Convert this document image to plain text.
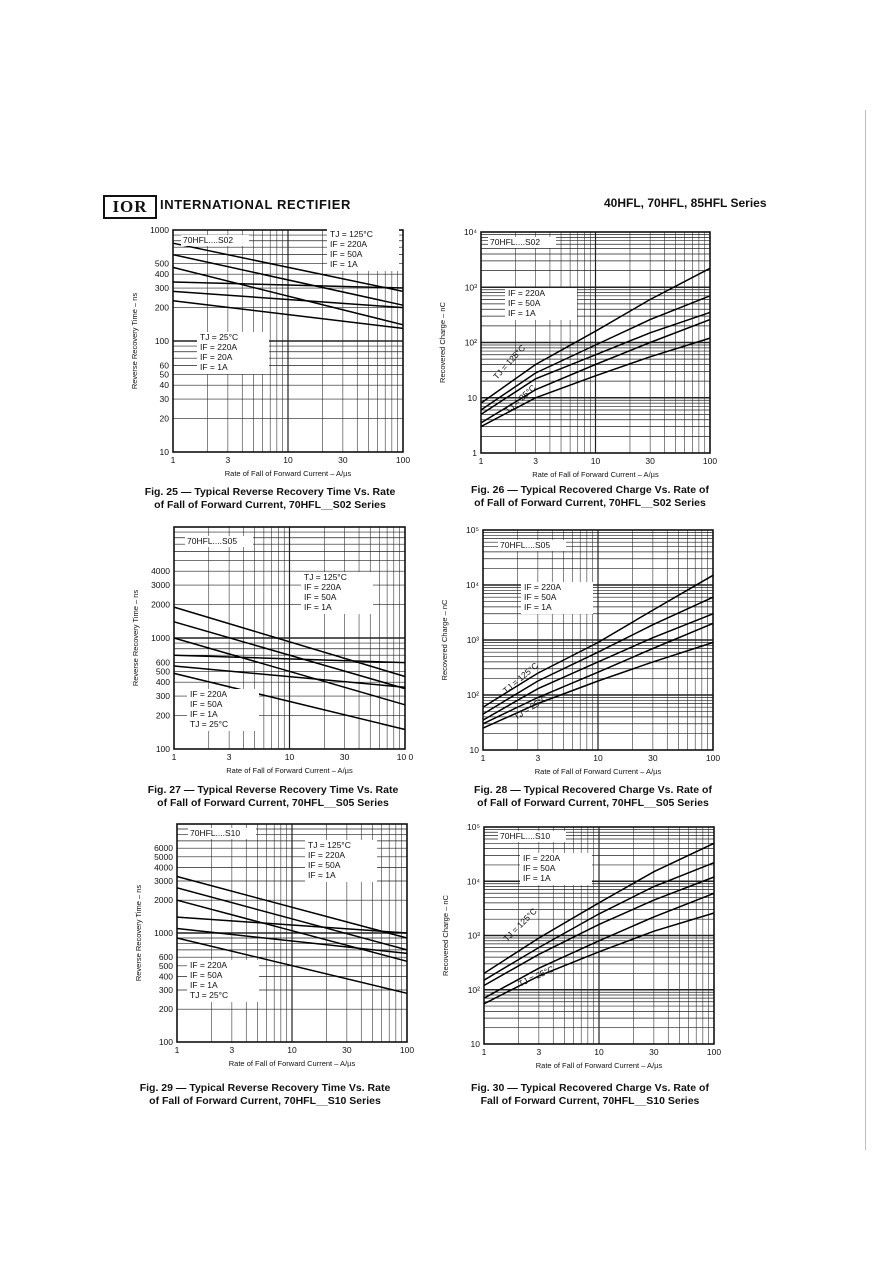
IOR INTERNATIONAL RECTIFIER	40HFL, 70HFL, 85HFL Series
Fig. 25 — Typical Reverse Recovery Time Vs. Rate
of Fall of Forward Current, 70HFL__S02 Series
Fig. 26 — Typical Recovered Charge Vs. Rate of
of Fall of Forward Current, 70HFL__S02 Series
Fig. 27 — Typical Reverse Recovery Time Vs. Rate
of Fall of Forward Current, 70HFL__S05 Series
Fig. 28 — Typical Recovered Charge Vs. Rate of
of Fall of Forward Current, 70HFL__S05 Series
Fig. 29 — Typical Reverse Recovery Time Vs. Rate
of Fall of Forward Current, 70HFL__S10 Series
Fig. 30 — Typical Recovered Charge Vs. Rate of
Fall of Forward Current, 70HFL__S10 Series
1	3	10	30	100
10
20
30
40
50
60
100
200
300
400
500
1000
Rate of Fall of Forward Current – A/µs
Reverse Recovery Time – ns
70HFL....S02
TJ = 125°C
IF = 220A
IF = 50A
IF = 1A
TJ = 25°C
IF = 220A
IF = 20A
IF = 1A
1	3	10	30	100
1
10
10²
10³
10⁴
Rate of Fall of Forward Current – A/µs
Recovered Charge – nC
70HFL....S02
IF = 220A
IF = 50A
IF = 1A
TJ = 125°C
TJ = 25°C
1	3	10	30	10 0
100
200
300
400
500
600
1000
2000
3000
4000
Rate of Fall of Forward Current – A/µs
Reverse Recovery Time – ns
70HFL....S05
TJ = 125°C
IF = 220A
IF = 50A
IF = 1A
IF = 220A
IF = 50A
IF = 1A
TJ = 25°C
1	3	10	30	100
10
10²
10³
10⁴
10⁵
Rate of Fall of Forward Current – A/µs
Recovered Charge – nC
70HFL....S05
IF = 220A
IF = 50A
IF = 1A
TJ = 125°C
TJ = 25°C
1	3	10	30	100
100
200
300
400
500
600
1000
2000
3000
4000
5000
6000
Rate of Fall of Forward Current – A/µs
Reverse Recovery Time – ns
70HFL....S10
TJ = 125°C
IF = 220A
IF = 50A
IF = 1A
IF = 220A
IF = 50A
IF = 1A
TJ = 25°C
1	3	10	30	100
10
10²
10³
10⁴
10⁵
Rate of Fall of Forward Current – A/µs
Recovered Charge – nC
70HFL....S10
IF = 220A
IF = 50A
IF = 1A
TJ = 125°C
TJ = 25°C
